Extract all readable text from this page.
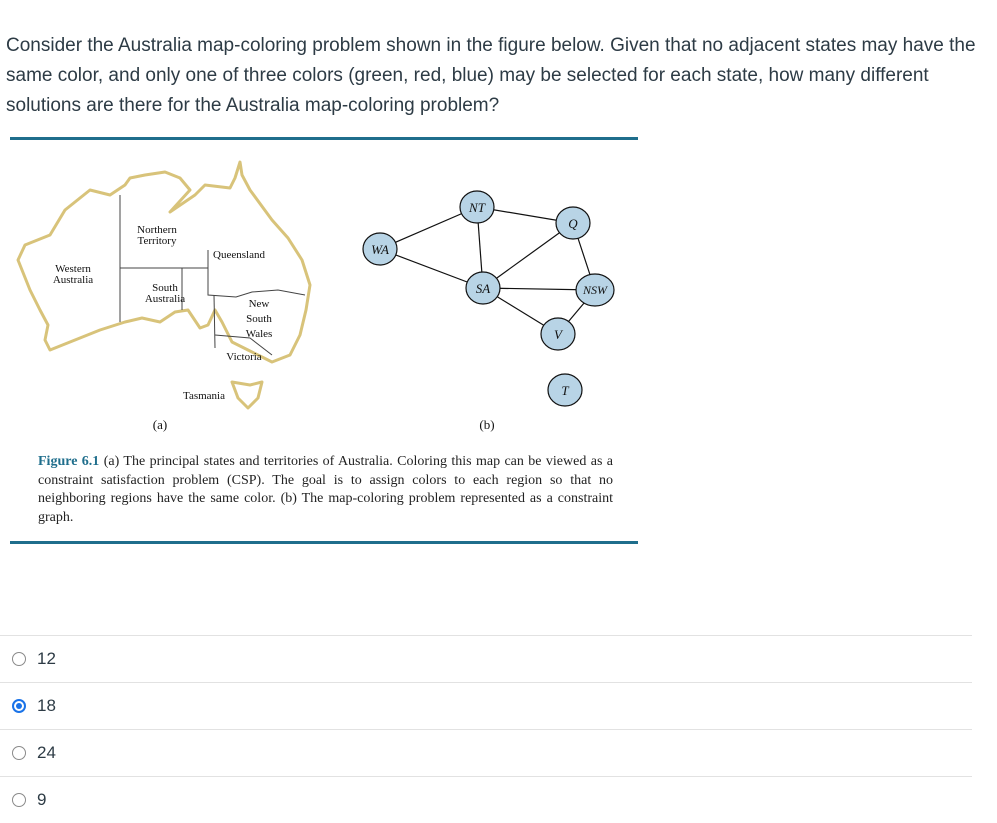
Consider the Australia map-coloring problem shown in the figure below. Given that no adjacent states may have the same color, and only one of three colors (green, red, blue) may be selected for each state, how many different solutions are there for the Australia map-coloring problem?
Western Australia
Northern Territory
Queensland
South Australia	New South Wales
Victoria
Tasmania
(a)
WA
NT
Q
SA	NSW
V
T
(b)
Figure 6.1 (a) The principal states and territories of Australia. Coloring this map can be viewed as a constraint satisfaction problem (CSP). The goal is to assign colors to each region so that no neighboring regions have the same color. (b) The map-coloring problem represented as a constraint graph.
12
18
24
9
